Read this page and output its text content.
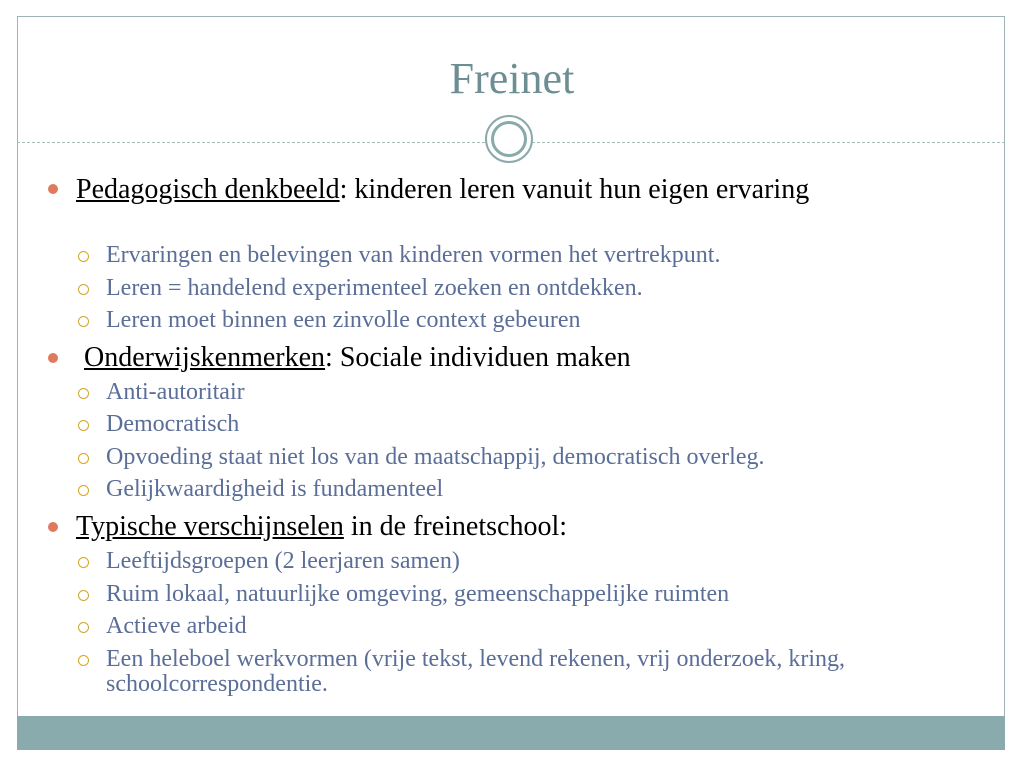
Freinet
Pedagogisch denkbeeld: kinderen leren vanuit hun eigen ervaring
Ervaringen en belevingen van kinderen vormen het vertrekpunt.
Leren = handelend experimenteel zoeken en ontdekken.
Leren moet binnen een zinvolle context gebeuren
Onderwijskenmerken: Sociale individuen maken
Anti-autoritair
Democratisch
Opvoeding staat niet los van de maatschappij, democratisch overleg.
Gelijkwaardigheid is fundamenteel
Typische verschijnselen in de freinetschool:
Leeftijdsgroepen (2 leerjaren samen)
Ruim lokaal, natuurlijke omgeving, gemeenschappelijke ruimten
Actieve arbeid
Een heleboel werkvormen (vrije tekst, levend rekenen, vrij onderzoek, kring, schoolcorrespondentie.
